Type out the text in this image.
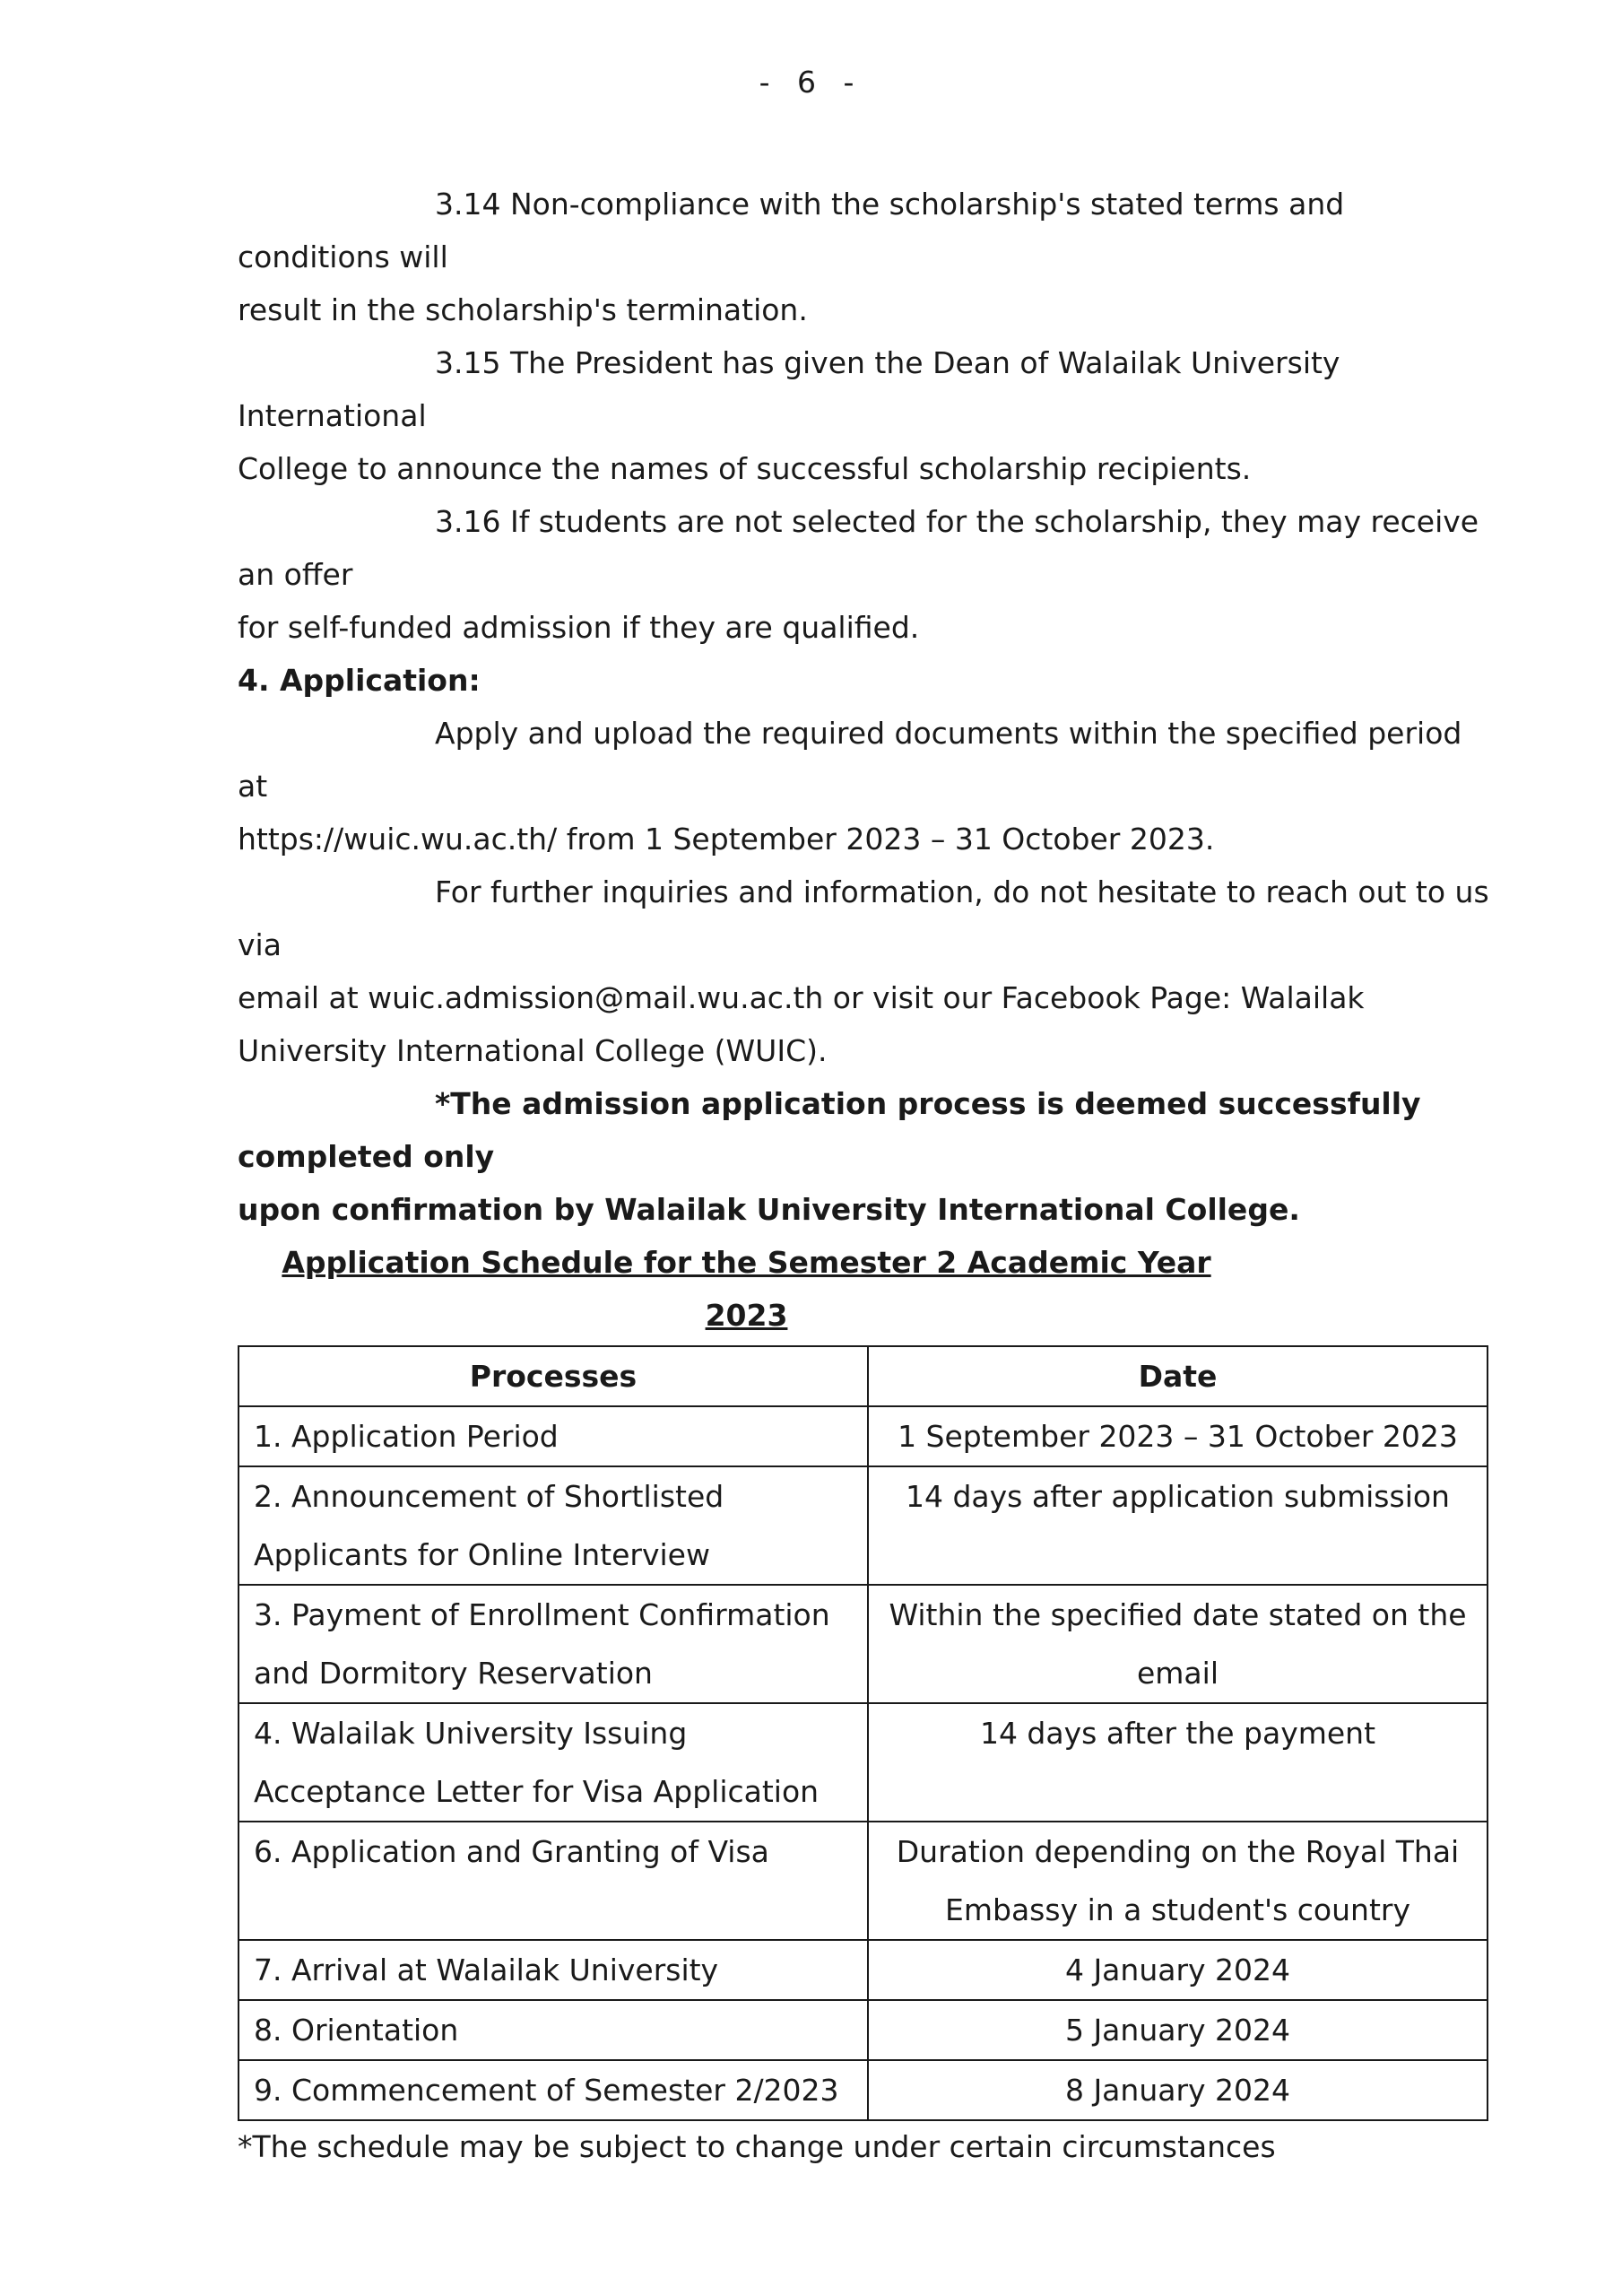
- 6 -

3.14 Non-compliance with the scholarship's stated terms and conditions will

result in the scholarship's termination.

3.15 The President has given the Dean of Walailak University International

College to announce the names of successful scholarship recipients.

3.16 If students are not selected for the scholarship, they may receive an offer

for self-funded admission if they are qualified.

4. Application:

Apply and upload the required documents within the specified period at

https://wuic.wu.ac.th/ from 1 September 2023 – 31 October 2023.

For further inquiries and information, do not hesitate to reach out to us via

email at wuic.admission@mail.wu.ac.th or visit our Facebook Page: Walailak University International College (WUIC).

*The admission application process is deemed successfully completed only

upon confirmation by Walailak University International College.

Application Schedule for the Semester 2 Academic Year 2023

Processes	Date
1. Application Period	1 September 2023 – 31 October 2023
2. Announcement of Shortlisted Applicants for Online Interview	14 days after application submission
3. Payment of Enrollment Confirmation and Dormitory Reservation	Within the specified date stated on the email
4. Walailak University Issuing Acceptance Letter for Visa Application	14 days after the payment
6. Application and Granting of Visa	Duration depending on the Royal Thai Embassy in a student's country
7. Arrival at Walailak University	4 January 2024
8. Orientation	5 January 2024
9. Commencement of Semester 2/2023	8 January 2024

*The schedule may be subject to change under certain circumstances
